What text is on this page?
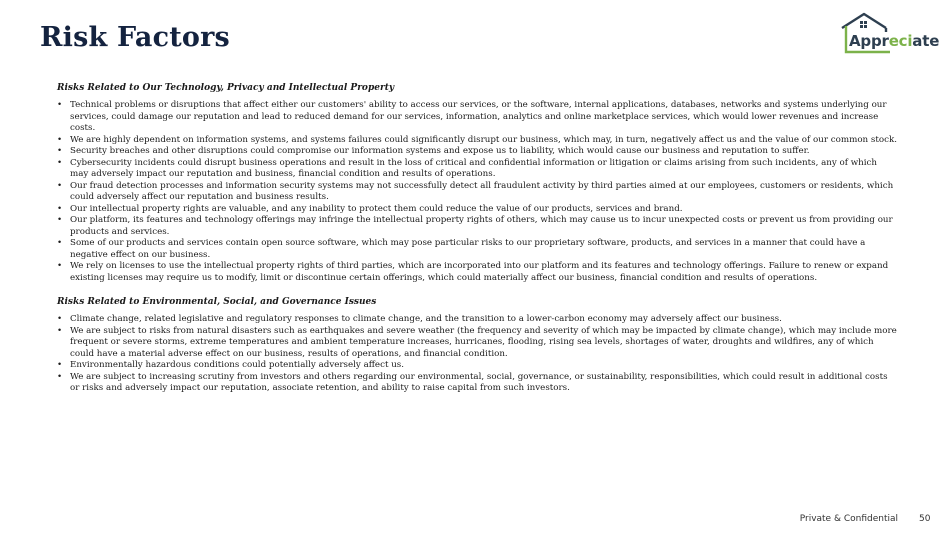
Risk Factors	Appreciate
Risks Related to Our Technology, Privacy and Intellectual Property
• Technical problems or disruptions that affect either our customers' ability to access our services, or the software, internal applications, databases, networks and systems underlying our services, could damage our reputation and lead to reduced demand for our services, information, analytics and online marketplace services, which would lower revenues and increase costs.
• We are highly dependent on information systems, and systems failures could significantly disrupt our business, which may, in turn, negatively affect us and the value of our common stock.
• Security breaches and other disruptions could compromise our information systems and expose us to liability, which would cause our business and reputation to suffer.
• Cybersecurity incidents could disrupt business operations and result in the loss of critical and confidential information or litigation or claims arising from such incidents, any of which may adversely impact our reputation and business, financial condition and results of operations.
• Our fraud detection processes and information security systems may not successfully detect all fraudulent activity by third parties aimed at our employees, customers or residents, which could adversely affect our reputation and business results.
• Our intellectual property rights are valuable, and any inability to protect them could reduce the value of our products, services and brand.
• Our platform, its features and technology offerings may infringe the intellectual property rights of others, which may cause us to incur unexpected costs or prevent us from providing our products and services.
• Some of our products and services contain open source software, which may pose particular risks to our proprietary software, products, and services in a manner that could have a negative effect on our business.
• We rely on licenses to use the intellectual property rights of third parties, which are incorporated into our platform and its features and technology offerings. Failure to renew or expand existing licenses may require us to modify, limit or discontinue certain offerings, which could materially affect our business, financial condition and results of operations.
Risks Related to Environmental, Social, and Governance Issues
• Climate change, related legislative and regulatory responses to climate change, and the transition to a lower-carbon economy may adversely affect our business.
• We are subject to risks from natural disasters such as earthquakes and severe weather (the frequency and severity of which may be impacted by climate change), which may include more frequent or severe storms, extreme temperatures and ambient temperature increases, hurricanes, flooding, rising sea levels, shortages of water, droughts and wildfires, any of which could have a material adverse effect on our business, results of operations, and financial condition.
• Environmentally hazardous conditions could potentially adversely affect us.
• We are subject to increasing scrutiny from investors and others regarding our environmental, social, governance, or sustainability, responsibilities, which could result in additional costs or risks and adversely impact our reputation, associate retention, and ability to raise capital from such investors.
Private & Confidential 50
